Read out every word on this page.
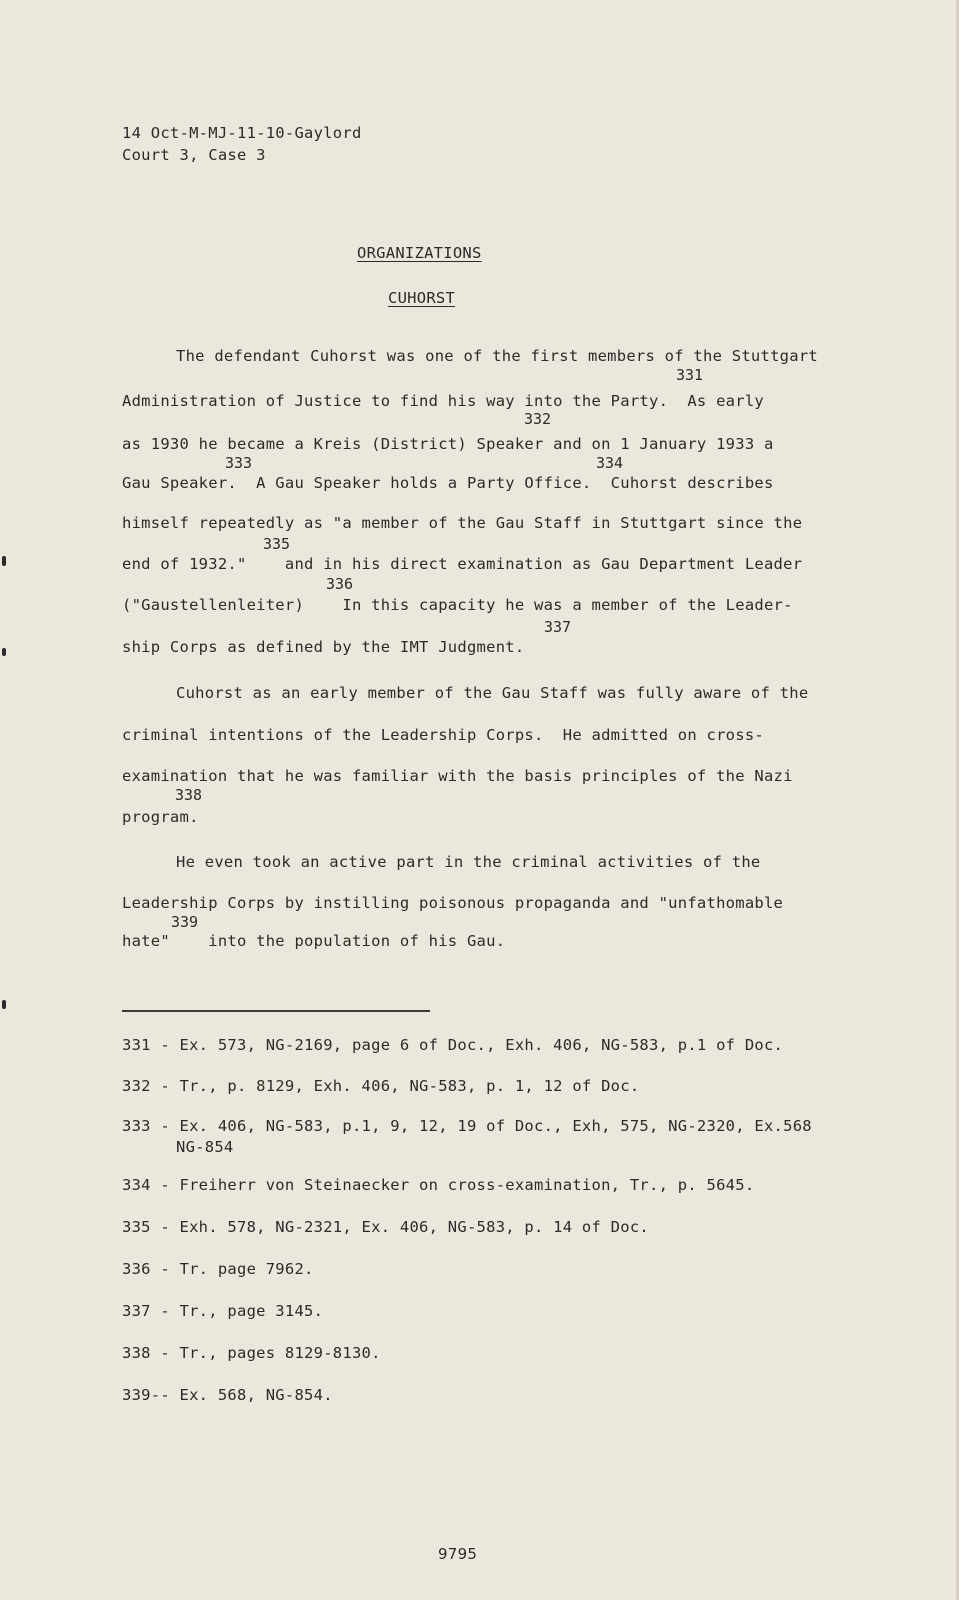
14 Oct-M-MJ-11-10-Gaylord
Court 3, Case 3
ORGANIZATIONS
CUHORST
The defendant Cuhorst was one of the first members of the Stuttgart
331
Administration of Justice to find his way into the Party.  As early
332
as 1930 he became a Kreis (District) Speaker and on 1 January 1933 a
333	334
Gau Speaker.  A Gau Speaker holds a Party Office.  Cuhorst describes
himself repeatedly as "a member of the Gau Staff in Stuttgart since the
335
end of 1932."    and in his direct examination as Gau Department Leader
336
("Gaustellenleiter)    In this capacity he was a member of the Leader-
337
ship Corps as defined by the IMT Judgment.
Cuhorst as an early member of the Gau Staff was fully aware of the
criminal intentions of the Leadership Corps.  He admitted on cross-
examination that he was familiar with the basis principles of the Nazi
338
program.
He even took an active part in the criminal activities of the
Leadership Corps by instilling poisonous propaganda and "unfathomable
339
hate"    into the population of his Gau.
331 - Ex. 573, NG-2169, page 6 of Doc., Exh. 406, NG-583, p.1 of Doc.
332 - Tr., p. 8129, Exh. 406, NG-583, p. 1, 12 of Doc.
333 - Ex. 406, NG-583, p.1, 9, 12, 19 of Doc., Exh, 575, NG-2320, Ex.568
NG-854
334 - Freiherr von Steinaecker on cross-examination, Tr., p. 5645.
335 - Exh. 578, NG-2321, Ex. 406, NG-583, p. 14 of Doc.
336 - Tr. page 7962.
337 - Tr., page 3145.
338 - Tr., pages 8129-8130.
339-- Ex. 568, NG-854.
9795
